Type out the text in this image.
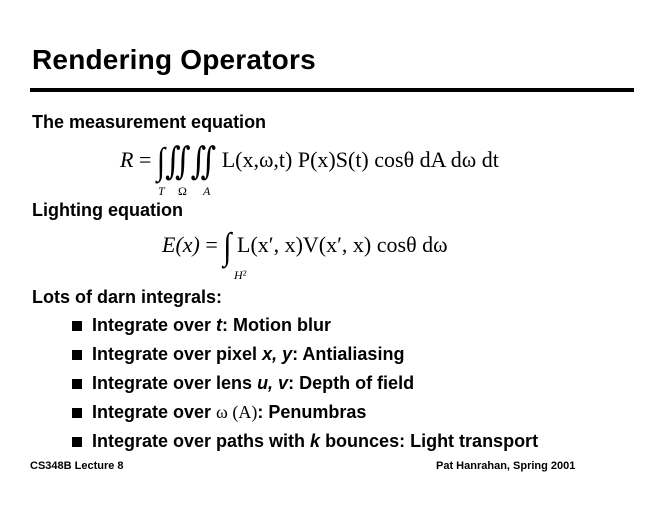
Rendering Operators
The measurement equation
R = ∫∬∬ L(x,ω,t) P(x)S(t) cosθ dA dω dt
T Ω A
Lighting equation
E(x) = ∫ L(x′, x)V(x′, x) cosθ dω
H²
Lots of darn integrals:
Integrate over t: Motion blur
Integrate over pixel x, y: Antialiasing
Integrate over lens u, v: Depth of field
Integrate over ω (A): Penumbras
Integrate over paths with k bounces: Light transport
CS348B Lecture 8	Pat Hanrahan, Spring 2001
